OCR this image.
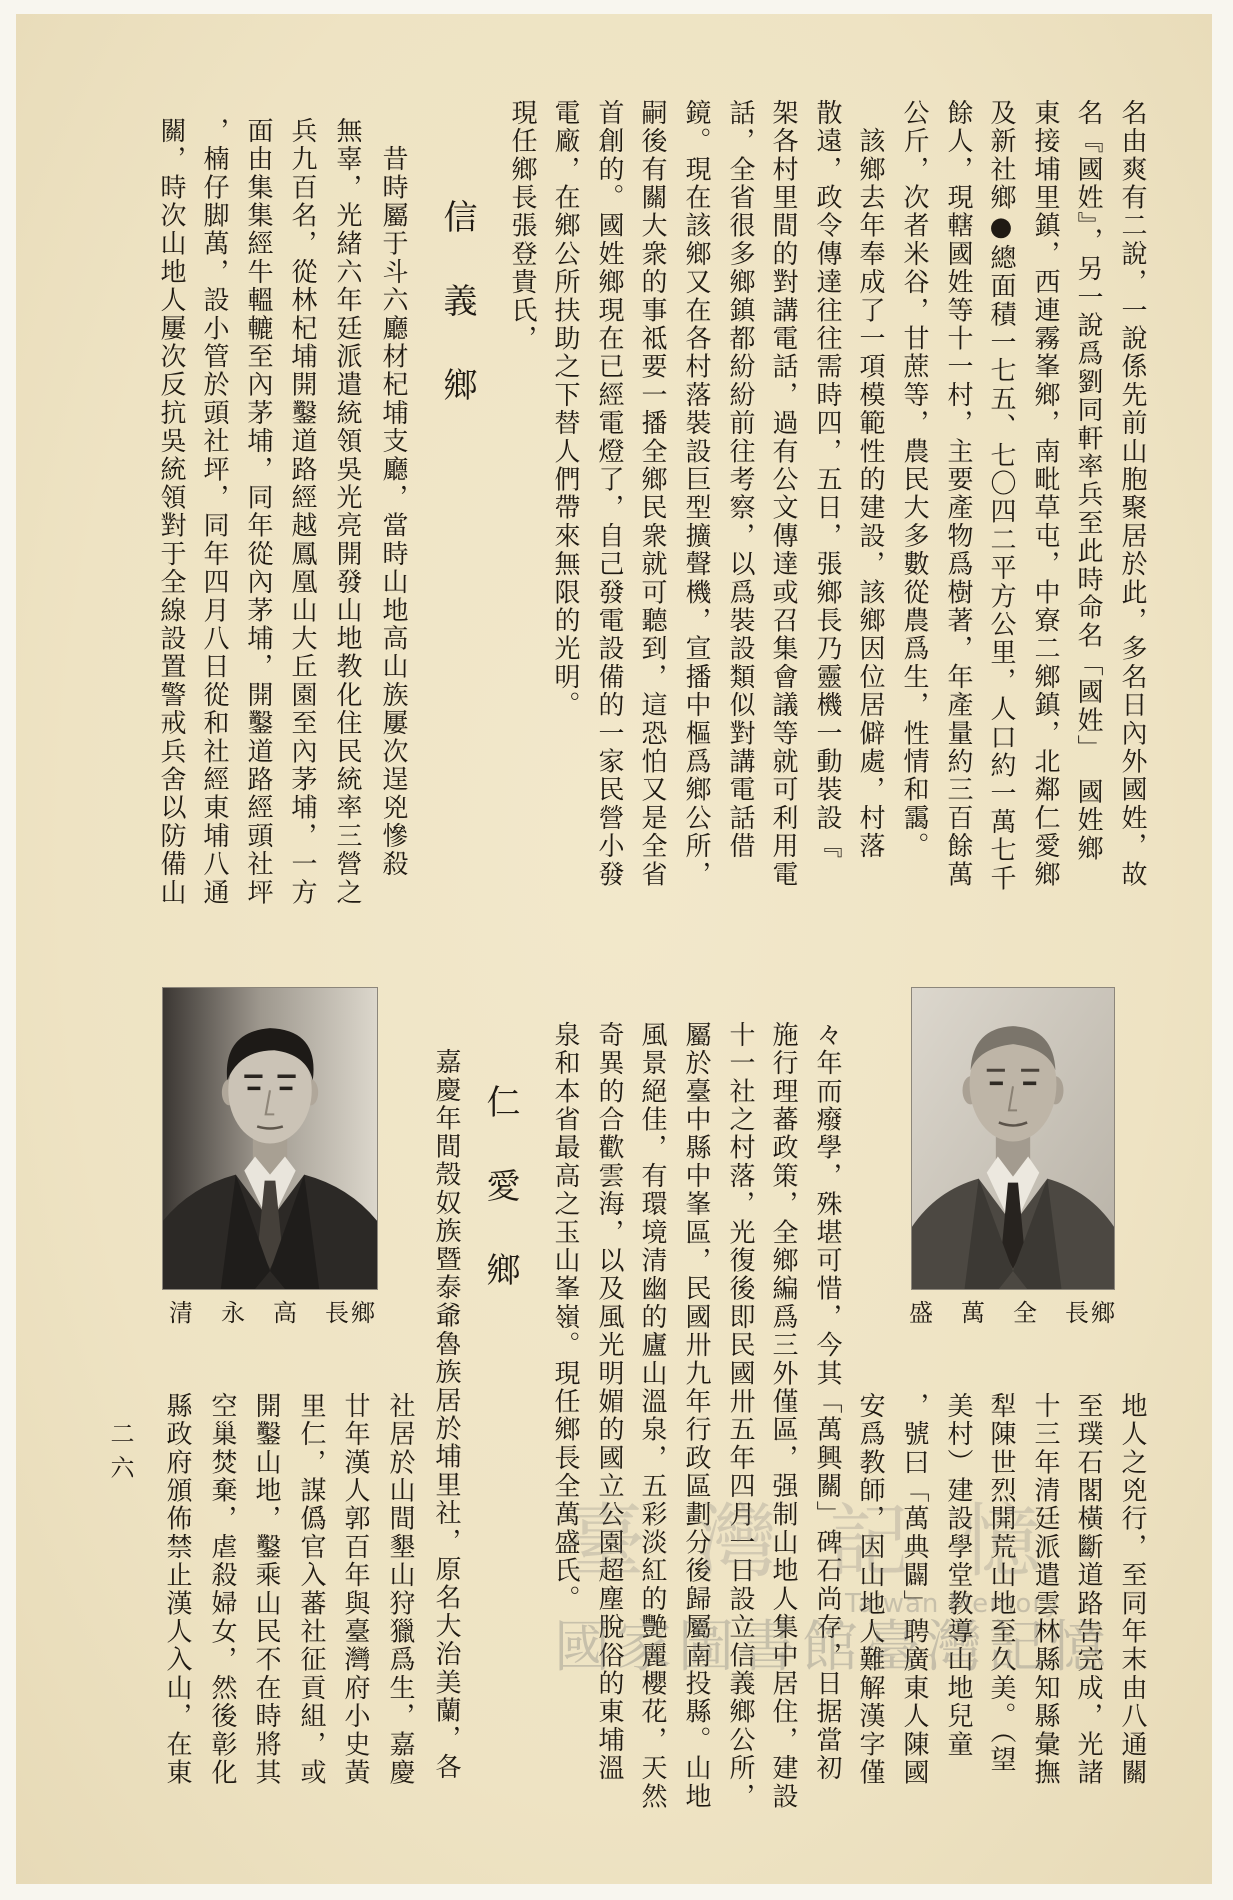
名由爽有二說，一說係先前山胞聚居於此，多名日內外國姓，故
名『國姓』，另一說爲劉同軒率兵至此時命名「國姓」　國姓鄉
東接埔里鎮，西連霧峯鄉，南毗草屯，中寮二鄉鎮，北鄰仁愛鄉
及新社鄉●總面積一七五、七〇四二平方公里，人口約一萬七千
餘人，現轄國姓等十一村，主要產物爲樹著，年產量約三百餘萬
公斤，次者米谷，甘蔗等，農民大多數從農爲生，性情和靄。
　該鄉去年奉成了一項模範性的建設，該鄉因位居僻處，村落
散遠，政令傳達往往需時四，五日，張鄉長乃靈機一動裝設『
架各村里間的對講電話，過有公文傳達或召集會議等就可利用電
話，全省很多鄉鎮都紛紛前往考察，以爲裝設類似對講電話借
鏡。現在該鄉又在各村落裝設巨型擴聲機，宣播中樞爲鄉公所，
嗣後有關大衆的事祗要一播全鄉民衆就可聽到，這恐怕又是全省
首創的。國姓鄉現在已經電燈了，自己發電設備的一家民營小發
電廠，在鄉公所扶助之下替人們帶來無限的光明。
現任鄉長張登貴氏，
信義鄉
　昔時屬于斗六廳材杞埔支廳，當時山地高山族屢次逞兇慘殺
無辜，光緒六年廷派遣統領吳光亮開發山地教化住民統率三營之
兵九百名，從林杞埔開鑿道路經越鳳凰山大丘園至內茅埔，一方
面由集集經牛轀轆至內茅埔，同年從內茅埔，開鑿道路經頭社坪
，楠仔脚萬，設小管於頭社坪，同年四月八日從和社經東埔八通
關，時次山地人屢次反抗吳統領對于全線設置警戒兵舍以防備山
地人之兇行，至同年末由八通關
至璞石閣橫斷道路告完成，光諸
十三年清廷派遣雲林縣知縣彙撫
犁陳世烈開荒山地至久美。（望
美村）建設學堂教導山地兒童
，號曰「萬典闢」聘廣東人陳國
安爲教師，因山地人難解漢字僅
々年而癈學，殊堪可惜，今其「萬興關」碑石尚存，日据當初
施行理蕃政策，全鄉編爲三外僅區，强制山地人集中居住，建設
十一社之村落，光復後即民國卅五年四月一日設立信義鄉公所，
屬於臺中縣中峯區，民國卅九年行政區劃分後歸屬南投縣。山地
風景絕佳，有環境清幽的廬山溫泉，五彩淡紅的艷麗櫻花，天然
奇異的合歡雲海，以及風光明媚的國立公園超塵脫俗的東埔溫
泉和本省最高之玉山峯嶺。現任鄉長全萬盛氏。
仁愛鄉
嘉慶年間殼奴族暨泰爺魯族居於埔里社，原名大治美蘭，各
社居於山間墾山狩獵爲生，嘉慶
廿年漢人郭百年與臺灣府小史黃
里仁，謀僞官入蕃社征貢組，或
開鑿山地，鑿乘山民不在時將其
空巢焚棄，虐殺婦女，然後彰化
縣政府頒佈禁止漢人入山，在東
鄉長　全　萬　盛
鄉長　高　永　清
二六
臺灣記憶
Taiwan Memory
國家圖書館臺灣記憶
